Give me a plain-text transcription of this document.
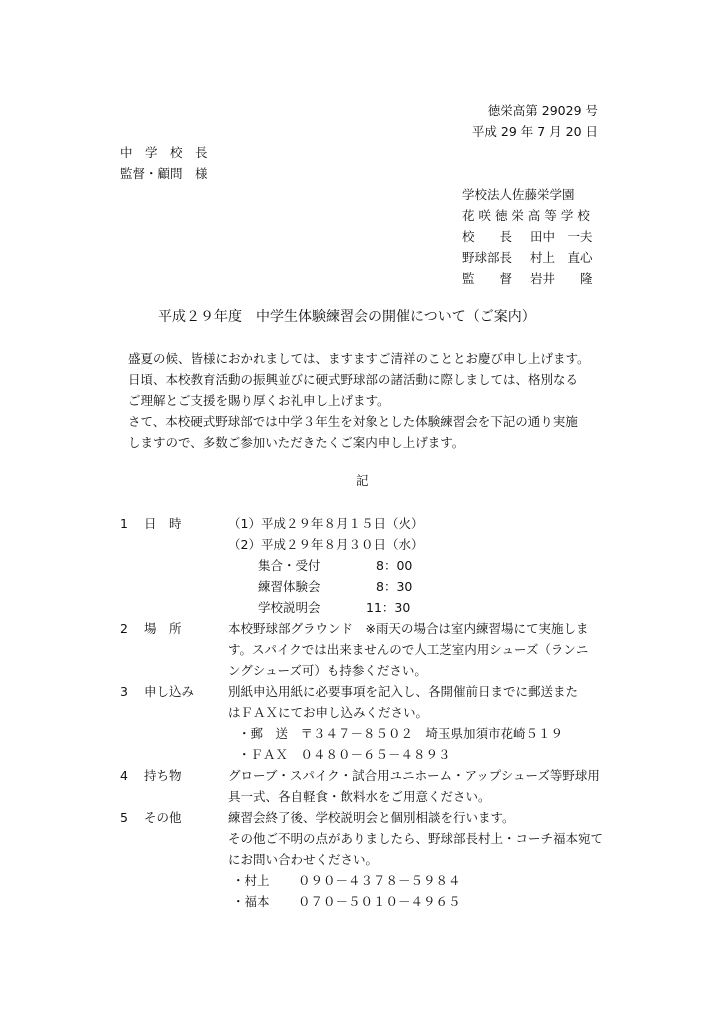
徳栄高第 29029 号
平成 29 年 7 月 20 日
中　学　校　長
監督・顧問　様
学校法人佐藤栄学園
花 咲 徳 栄 高 等 学 校
校　　長 田中　一夫
野球部長 村上　直心
監　　督 岩井　　隆
平成２９年度　中学生体験練習会の開催について（ご案内）
盛夏の候、皆様におかれましては、ますますご清祥のこととお慶び申し上げます。
日頃、本校教育活動の振興並びに硬式野球部の諸活動に際しましては、格別なる
ご理解とご支援を賜り厚くお礼申し上げます。
さて、本校硬式野球部では中学３年生を対象とした体験練習会を下記の通り実施
しますので、多数ご参加いただきたくご案内申し上げます。
記
1 日　時	（1）平成２９年８月１５日（火）
（2）平成２９年８月３０日（水）
集合・受付	8：00
練習体験会	8：30
学校説明会	11：30
2 場　所	本校野球部グラウンド　※雨天の場合は室内練習場にて実施しま
す。スパイクでは出来ませんので人工芝室内用シューズ（ランニ
ングシューズ可）も持参ください。
3 申し込み	別紙申込用紙に必要事項を記入し、各開催前日までに郵送また
はＦＡＸにてお申し込みください。
・郵　送　〒３４７－８５０２　埼玉県加須市花崎５１９
・ＦＡＸ　０４８０－６５－４８９３
4 持ち物	グローブ・スパイク・試合用ユニホーム・アップシューズ等野球用
具一式、各自軽食・飲料水をご用意ください。
5 その他	練習会終了後、学校説明会と個別相談を行います。
その他ご不明の点がありましたら、野球部長村上・コーチ福本宛て
にお問い合わせください。
・村上 ０９０－４３７８－５９８４
・福本 ０７０－５０１０－４９６５
